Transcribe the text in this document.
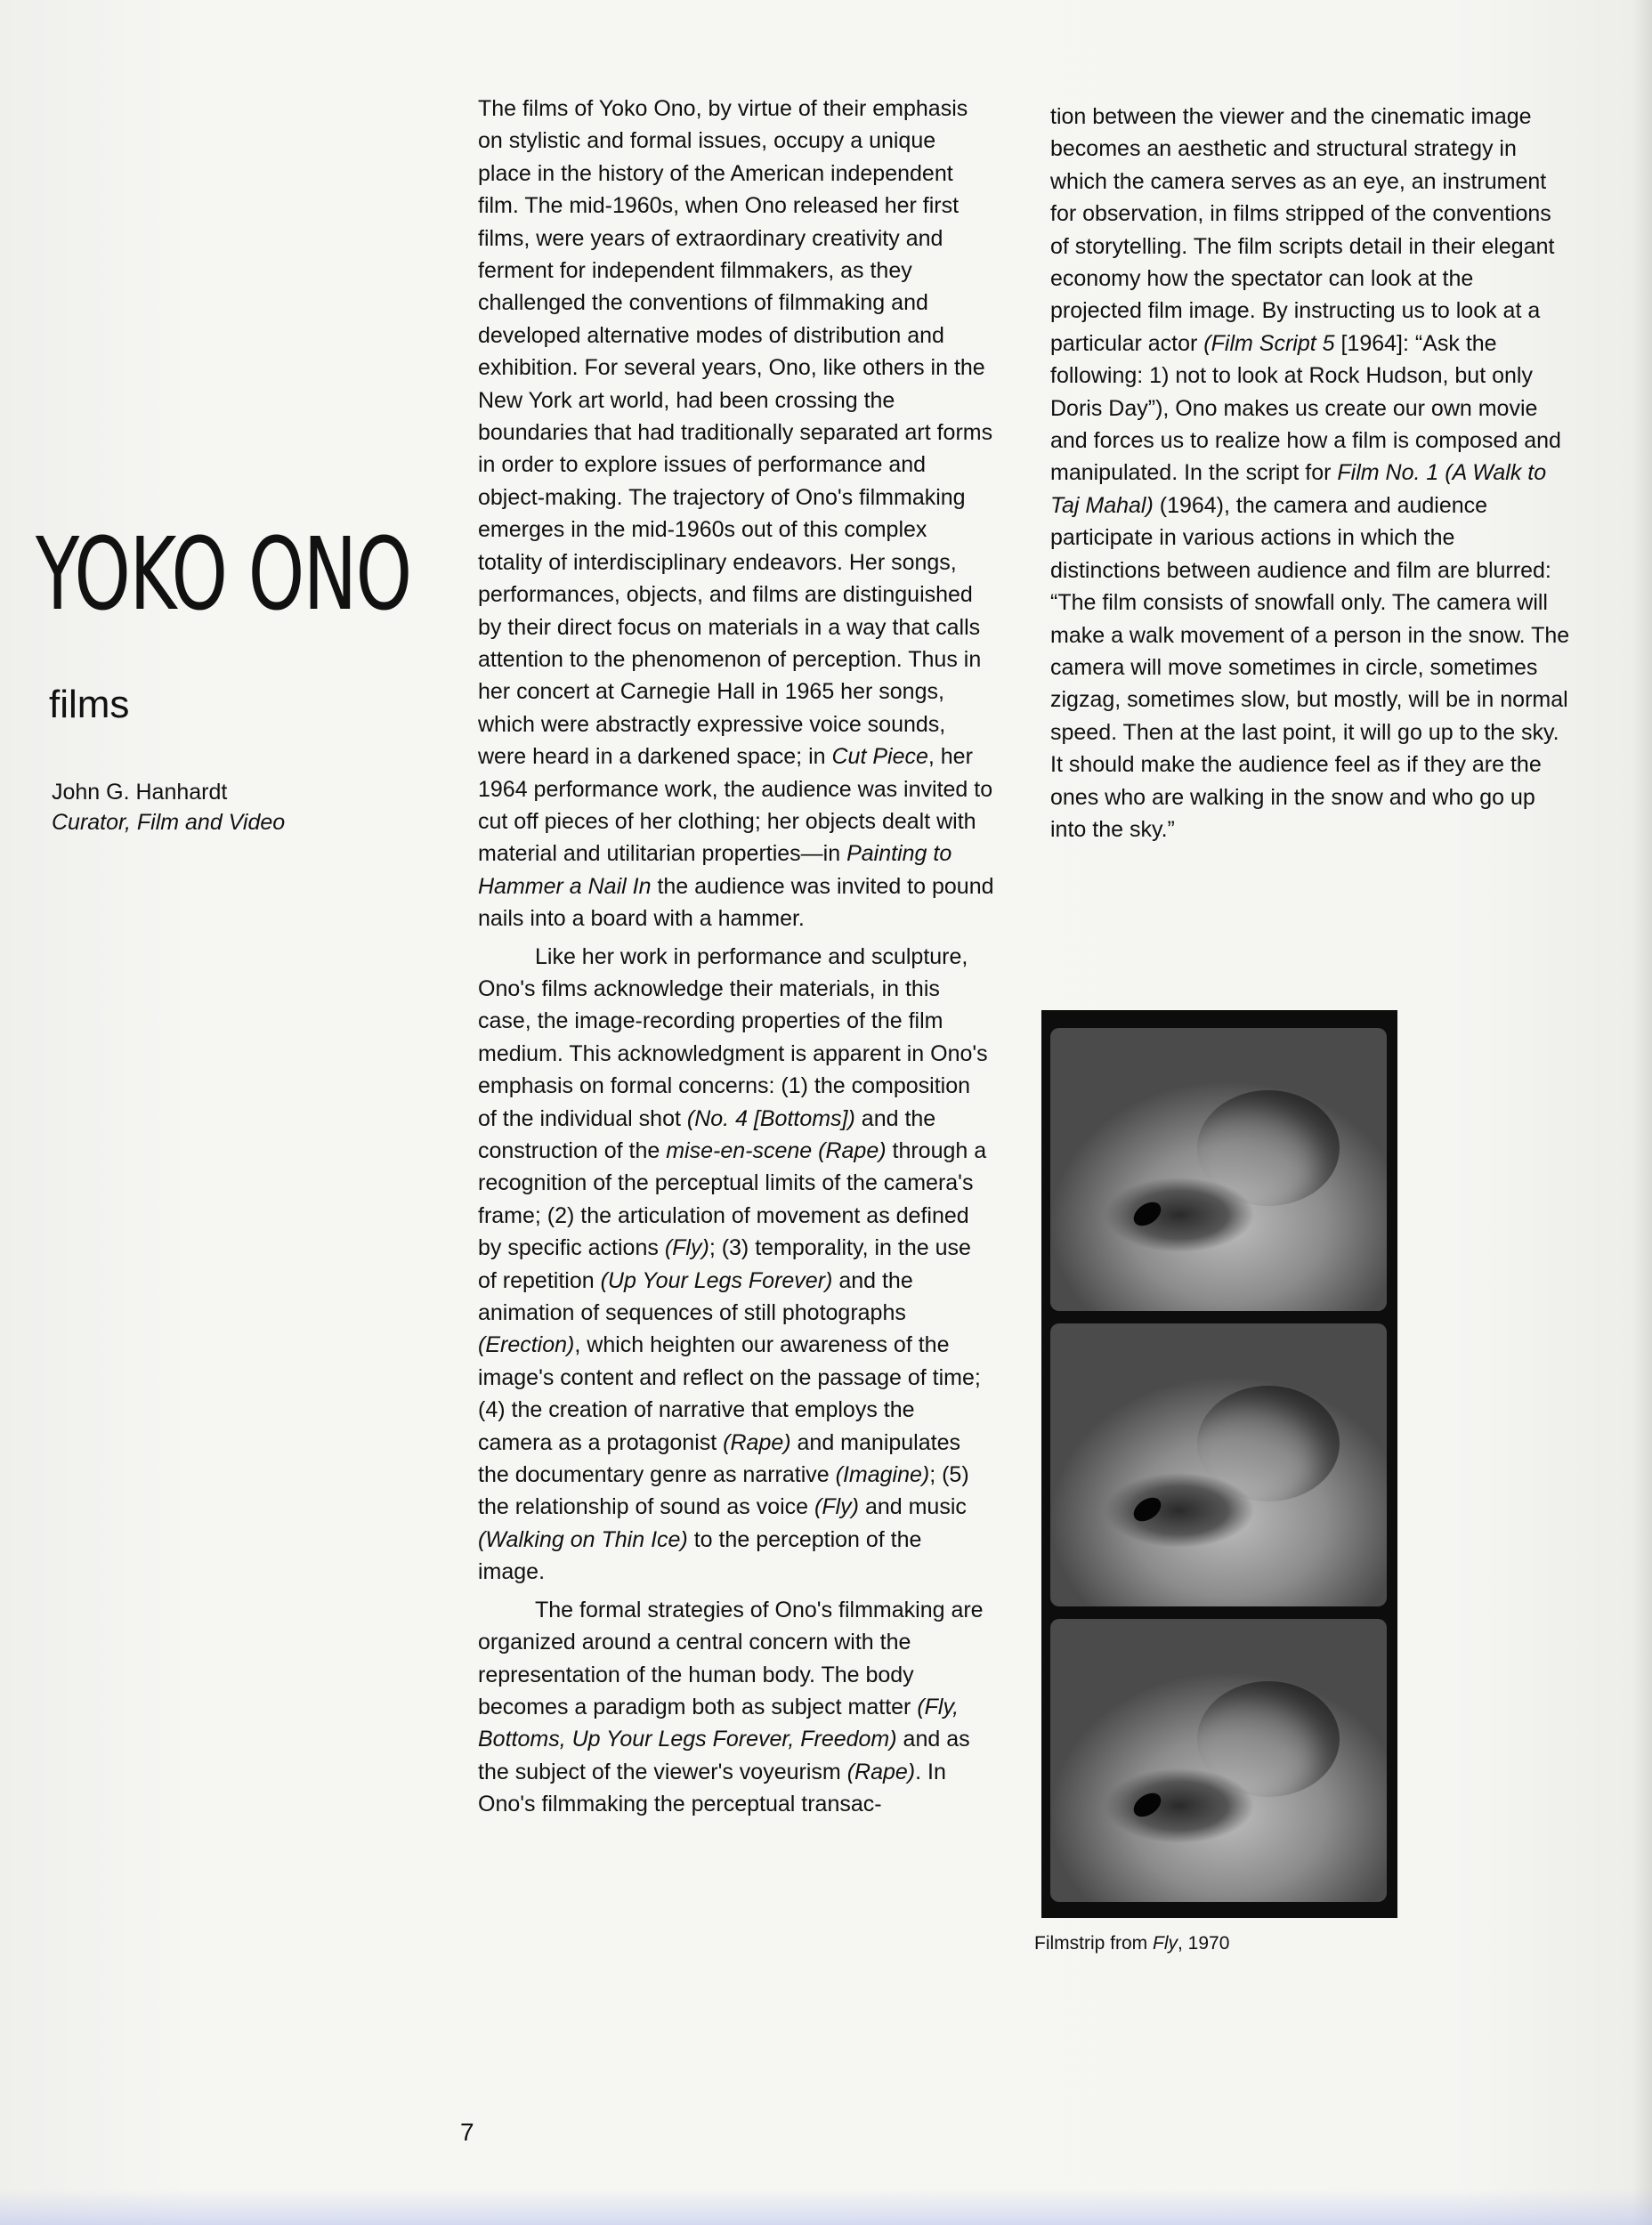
YOKO ONO
films
John G. Hanhardt
Curator, Film and Video

The films of Yoko Ono, by virtue of their emphasis on stylistic and formal issues, occupy a unique place in the history of the American independent film. The mid-1960s, when Ono released her first films, were years of extraordinary creativity and ferment for independent filmmakers, as they challenged the conventions of filmmaking and developed alternative modes of distribution and exhibition. For several years, Ono, like others in the New York art world, had been crossing the boundaries that had traditionally separated art forms in order to explore issues of performance and object-making. The trajectory of Ono's filmmaking emerges in the mid-1960s out of this complex totality of interdisciplinary endeavors. Her songs, performances, objects, and films are distinguished by their direct focus on materials in a way that calls attention to the phenomenon of perception. Thus in her concert at Carnegie Hall in 1965 her songs, which were abstractly expressive voice sounds, were heard in a darkened space; in Cut Piece, her 1964 performance work, the audience was invited to cut off pieces of her clothing; her objects dealt with material and utilitarian properties—in Painting to Hammer a Nail In the audience was invited to pound nails into a board with a hammer.

Like her work in performance and sculpture, Ono's films acknowledge their materials, in this case, the image-recording properties of the film medium. This acknowledgment is apparent in Ono's emphasis on formal concerns: (1) the composition of the individual shot (No. 4 [Bottoms]) and the construction of the mise-en-scene (Rape) through a recognition of the perceptual limits of the camera's frame; (2) the articulation of movement as defined by specific actions (Fly); (3) temporality, in the use of repetition (Up Your Legs Forever) and the animation of sequences of still photographs (Erection), which heighten our awareness of the image's content and reflect on the passage of time; (4) the creation of narrative that employs the camera as a protagonist (Rape) and manipulates the documentary genre as narrative (Imagine); (5) the relationship of sound as voice (Fly) and music (Walking on Thin Ice) to the perception of the image.

The formal strategies of Ono's filmmaking are organized around a central concern with the representation of the human body. The body becomes a paradigm both as subject matter (Fly, Bottoms, Up Your Legs Forever, Freedom) and as the subject of the viewer's voyeurism (Rape). In Ono's filmmaking the perceptual transac-

tion between the viewer and the cinematic image becomes an aesthetic and structural strategy in which the camera serves as an eye, an instrument for observation, in films stripped of the conventions of storytelling. The film scripts detail in their elegant economy how the spectator can look at the projected film image. By instructing us to look at a particular actor (Film Script 5 [1964]: “Ask the following: 1) not to look at Rock Hudson, but only Doris Day”), Ono makes us create our own movie and forces us to realize how a film is composed and manipulated. In the script for Film No. 1 (A Walk to Taj Mahal) (1964), the camera and audience participate in various actions in which the distinctions between audience and film are blurred: “The film consists of snowfall only. The camera will make a walk movement of a person in the snow. The camera will move sometimes in circle, sometimes zigzag, sometimes slow, but mostly, will be in normal speed. Then at the last point, it will go up to the sky. It should make the audience feel as if they are the ones who are walking in the snow and who go up into the sky.”

Filmstrip from Fly, 1970
7
